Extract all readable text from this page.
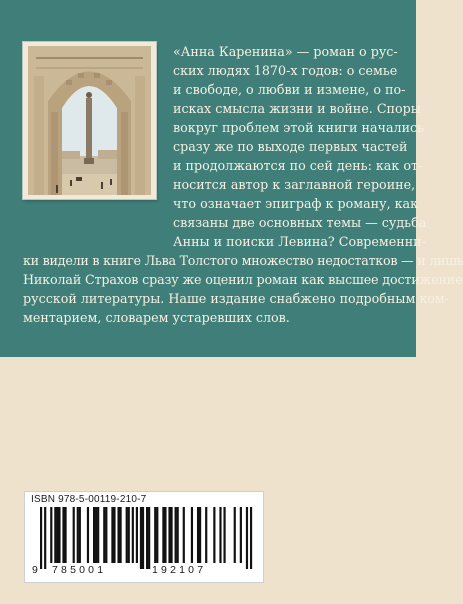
«Анна Каренина» — роман о рус-
ских людях 1870-х годов: о семье
и свободе, о любви и измене, о по-
исках смысла жизни и войне. Споры
вокруг проблем этой книги начались
сразу же по выходе первых частей
и продолжаются по сей день: как от-
носится автор к заглавной героине,
что означает эпиграф к роману, как
связаны две основных темы — судьба
Анны и поиски Левина? Современни-
ки видели в книге Льва Толстого множество недостатков — и лишь
Николай Страхов сразу же оценил роман как высшее достижение
русской литературы. Наше издание снабжено подробным ком-
ментарием, словарем устаревших слов.
ISBN 978-5-00119-210-7
9 785001	192107
